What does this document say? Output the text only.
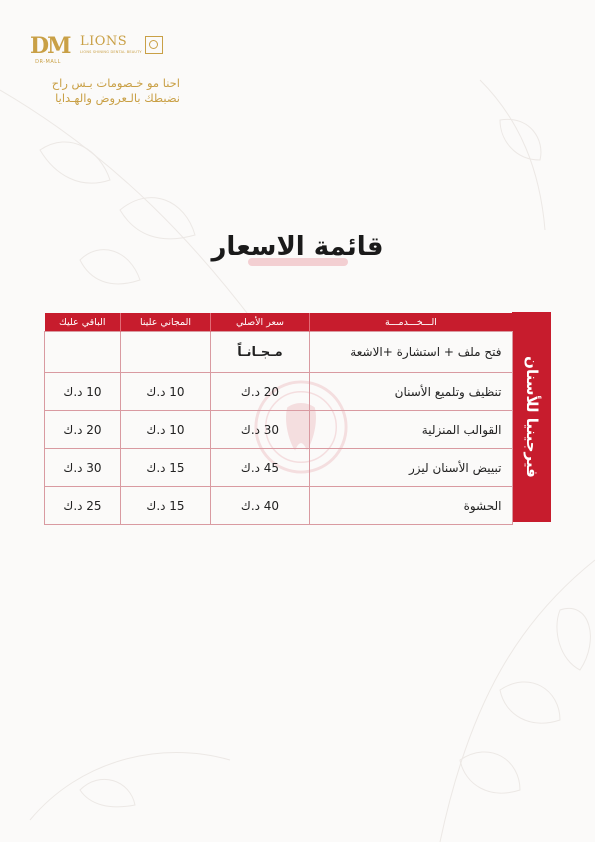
DM
DR-MALL
LIONS
LIONS SHINING DENTAL BEAUTY
احنا مو خـصومات بـس راح
نضبطك بالـعروض والهـدايا
قائمة الاسعار
فيرجينيا للأسنان
الـــخـــدمـــة	سعر الأصلي	المجاني علينا	الباقي عليك
فتح ملف + استشارة +الاشعة	مـجـانـاً		
تنظيف وتلميع الأسنان	20 د.ك	10 د.ك	10 د.ك
القوالب المنزلية	30 د.ك	10 د.ك	20 د.ك
تبييض الأسنان ليزر	45 د.ك	15 د.ك	30 د.ك
الحشوة	40 د.ك	15 د.ك	25 د.ك
